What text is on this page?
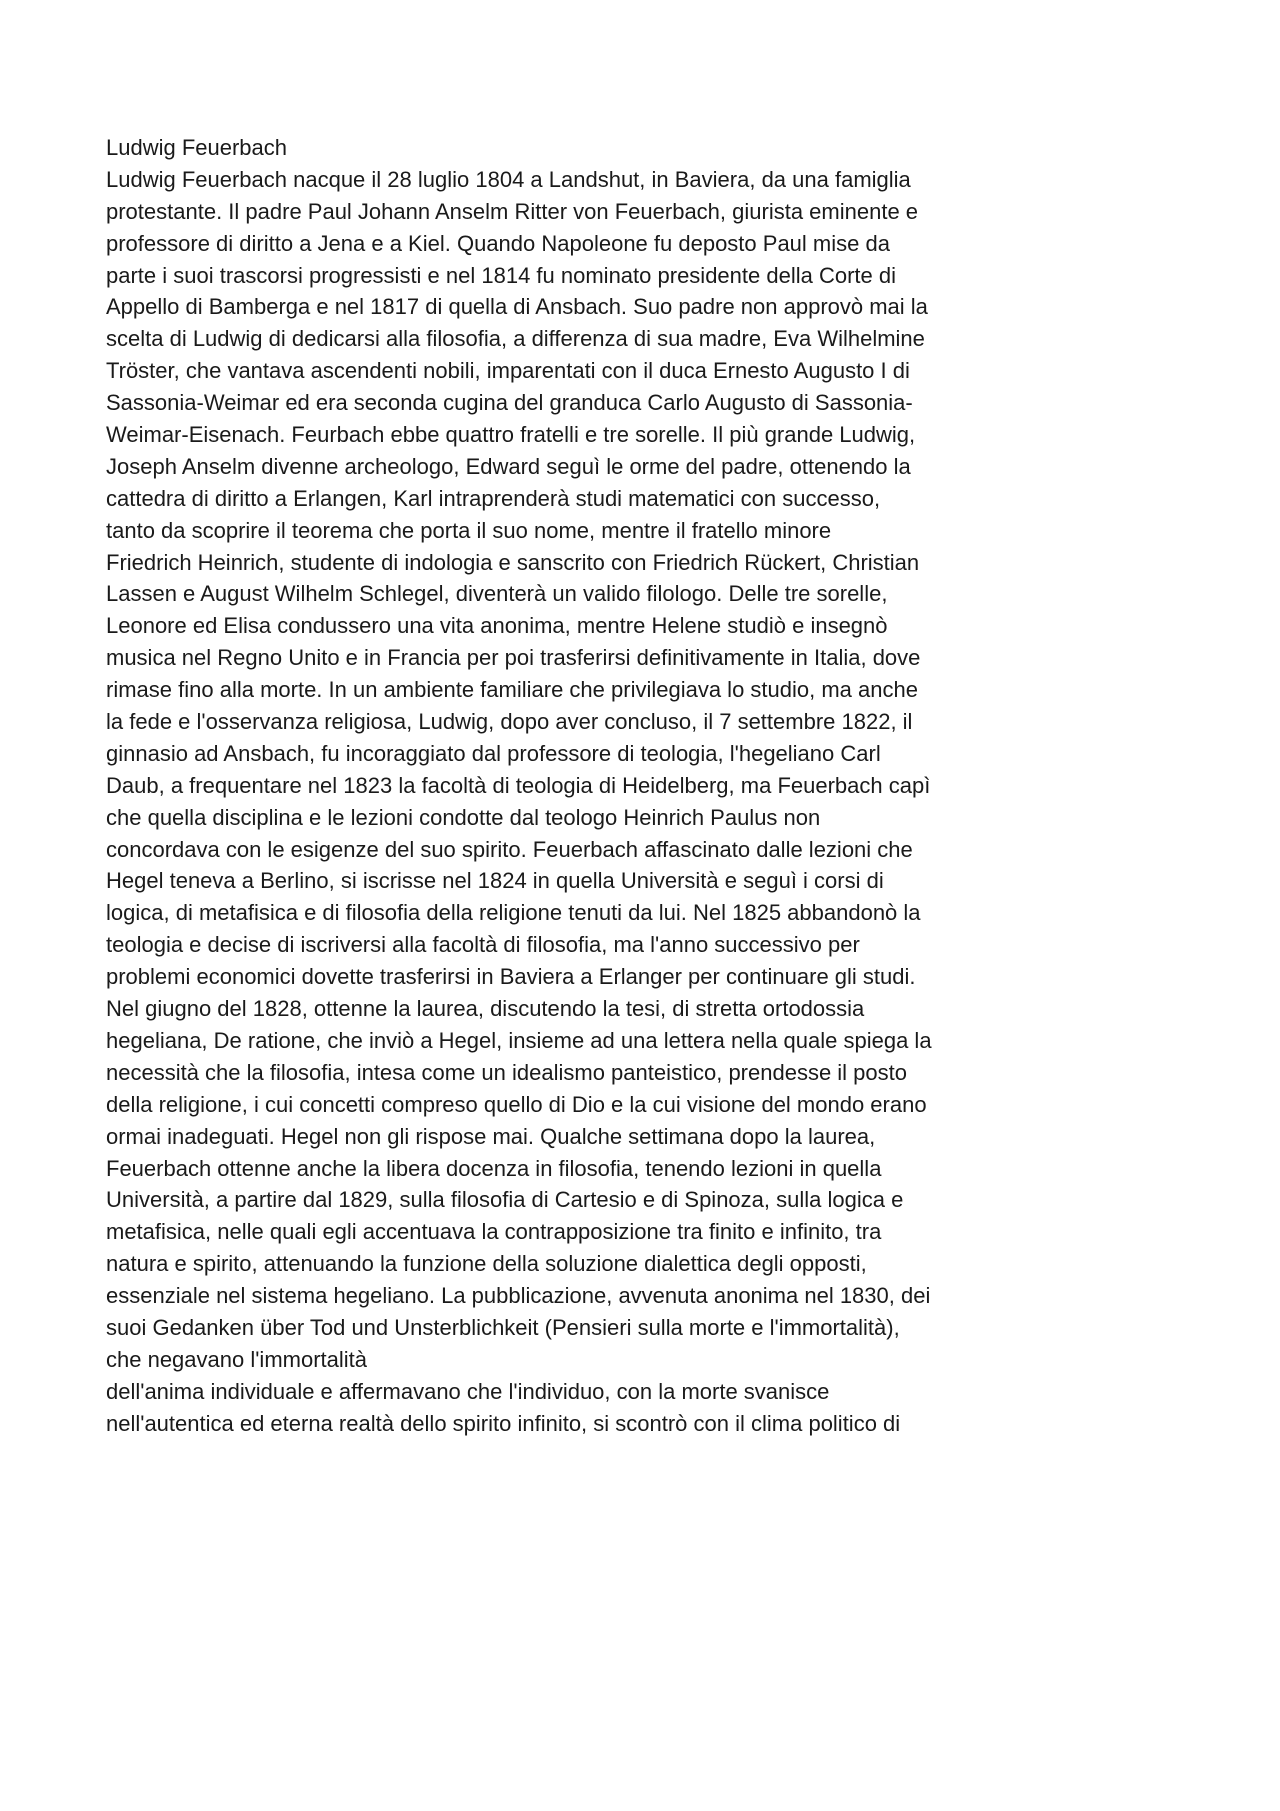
Ludwig Feuerbach
Ludwig Feuerbach nacque il 28 luglio 1804 a Landshut, in Baviera, da una famiglia
protestante. Il padre Paul Johann Anselm Ritter von Feuerbach, giurista eminente e
professore di diritto a Jena e a Kiel. Quando Napoleone fu deposto Paul mise da
parte i suoi trascorsi progressisti e nel 1814 fu nominato presidente della Corte di
Appello di Bamberga e nel 1817 di quella di Ansbach. Suo padre non approvò mai la
scelta di Ludwig di dedicarsi alla filosofia, a differenza di sua madre, Eva Wilhelmine
Tröster, che vantava ascendenti nobili, imparentati con il duca Ernesto Augusto I di
Sassonia-Weimar ed era seconda cugina del granduca Carlo Augusto di Sassonia-
Weimar-Eisenach. Feurbach ebbe quattro fratelli e tre sorelle. Il più grande Ludwig,
Joseph Anselm divenne archeologo, Edward seguì le orme del padre, ottenendo la
cattedra di diritto a Erlangen, Karl intraprenderà studi matematici con successo,
tanto da scoprire il teorema che porta il suo nome, mentre il fratello minore
Friedrich Heinrich, studente di indologia e sanscrito con Friedrich Rückert, Christian
Lassen e August Wilhelm Schlegel, diventerà un valido filologo. Delle tre sorelle,
Leonore ed Elisa condussero una vita anonima, mentre Helene studiò e insegnò
musica nel Regno Unito e in Francia per poi trasferirsi definitivamente in Italia, dove
rimase fino alla morte. In un ambiente familiare che privilegiava lo studio, ma anche
la fede e l'osservanza religiosa, Ludwig, dopo aver concluso, il 7 settembre 1822, il
ginnasio ad Ansbach, fu incoraggiato dal professore di teologia, l'hegeliano Carl
Daub, a frequentare nel 1823 la facoltà di teologia di Heidelberg, ma Feuerbach capì
che quella disciplina e le lezioni condotte dal teologo Heinrich Paulus non
concordava con le esigenze del suo spirito. Feuerbach affascinato dalle lezioni che
Hegel teneva a Berlino, si iscrisse nel 1824 in quella Università e seguì i corsi di
logica, di metafisica e di filosofia della religione tenuti da lui. Nel 1825 abbandonò la
teologia e decise di iscriversi alla facoltà di filosofia, ma l'anno successivo per
problemi economici dovette trasferirsi in Baviera a Erlanger per continuare gli studi.
Nel giugno del 1828, ottenne la laurea, discutendo la tesi, di stretta ortodossia
hegeliana, De ratione, che inviò a Hegel, insieme ad una lettera nella quale spiega la
necessità che la filosofia, intesa come un idealismo panteistico, prendesse il posto
della religione, i cui concetti compreso quello di Dio e la cui visione del mondo erano
ormai inadeguati. Hegel non gli rispose mai. Qualche settimana dopo la laurea,
Feuerbach ottenne anche la libera docenza in filosofia, tenendo lezioni in quella
Università, a partire dal 1829, sulla filosofia di Cartesio e di Spinoza, sulla logica e
metafisica, nelle quali egli accentuava la contrapposizione tra finito e infinito, tra
natura e spirito, attenuando la funzione della soluzione dialettica degli opposti,
essenziale nel sistema hegeliano. La pubblicazione, avvenuta anonima nel 1830, dei
suoi Gedanken über Tod und Unsterblichkeit (Pensieri sulla morte e l'immortalità),
che negavano l'immortalità
dell'anima individuale e affermavano che l'individuo, con la morte svanisce
nell'autentica ed eterna realtà dello spirito infinito, si scontrò con il clima politico di
